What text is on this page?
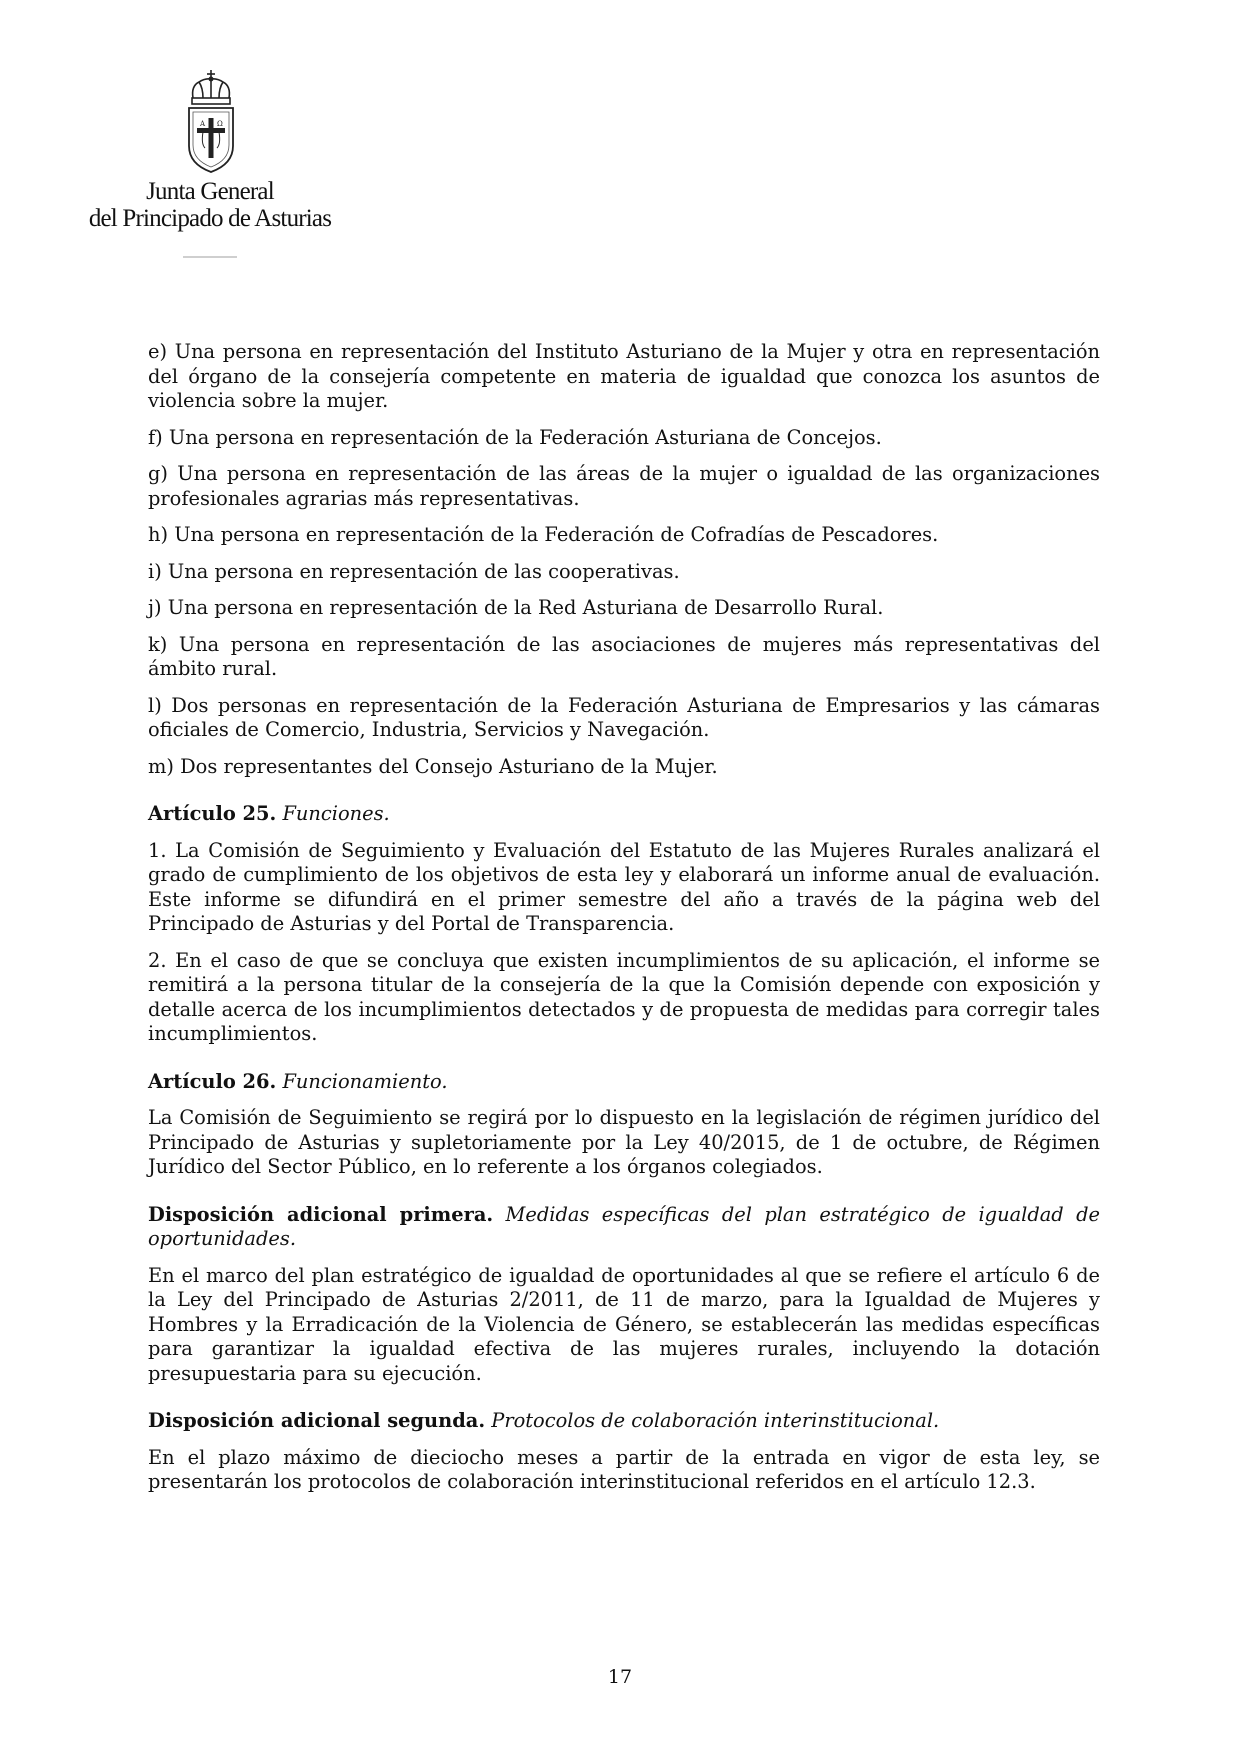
A Ω
Junta General
del Principado de Asturias

e) Una persona en representación del Instituto Asturiano de la Mujer y otra en representación del órgano de la consejería competente en materia de igualdad que conozca los asuntos de violencia sobre la mujer.

f) Una persona en representación de la Federación Asturiana de Concejos.

g) Una persona en representación de las áreas de la mujer o igualdad de las organizaciones profesionales agrarias más representativas.

h) Una persona en representación de la Federación de Cofradías de Pescadores.

i) Una persona en representación de las cooperativas.

j) Una persona en representación de la Red Asturiana de Desarrollo Rural.

k) Una persona en representación de las asociaciones de mujeres más representativas del ámbito rural.

l) Dos personas en representación de la Federación Asturiana de Empresarios y las cámaras oficiales de Comercio, Industria, Servicios y Navegación.

m) Dos representantes del Consejo Asturiano de la Mujer.

Artículo 25. Funciones.

1. La Comisión de Seguimiento y Evaluación del Estatuto de las Mujeres Rurales analizará el grado de cumplimiento de los objetivos de esta ley y elaborará un informe anual de evaluación. Este informe se difundirá en el primer semestre del año a través de la página web del Principado de Asturias y del Portal de Transparencia.

2. En el caso de que se concluya que existen incumplimientos de su aplicación, el informe se remitirá a la persona titular de la consejería de la que la Comisión depende con exposición y detalle acerca de los incumplimientos detectados y de propuesta de medidas para corregir tales incumplimientos.

Artículo 26. Funcionamiento.

La Comisión de Seguimiento se regirá por lo dispuesto en la legislación de régimen jurídico del Principado de Asturias y supletoriamente por la Ley 40/2015, de 1 de octubre, de Régimen Jurídico del Sector Público, en lo referente a los órganos colegiados.

Disposición adicional primera. Medidas específicas del plan estratégico de igualdad de oportunidades.

En el marco del plan estratégico de igualdad de oportunidades al que se refiere el artículo 6 de la Ley del Principado de Asturias 2/2011, de 11 de marzo, para la Igualdad de Mujeres y Hombres y la Erradicación de la Violencia de Género, se establecerán las medidas específicas para garantizar la igualdad efectiva de las mujeres rurales, incluyendo la dotación presupuestaria para su ejecución.

Disposición adicional segunda. Protocolos de colaboración interinstitucional.

En el plazo máximo de dieciocho meses a partir de la entrada en vigor de esta ley, se presentarán los protocolos de colaboración interinstitucional referidos en el artículo 12.3.

17
